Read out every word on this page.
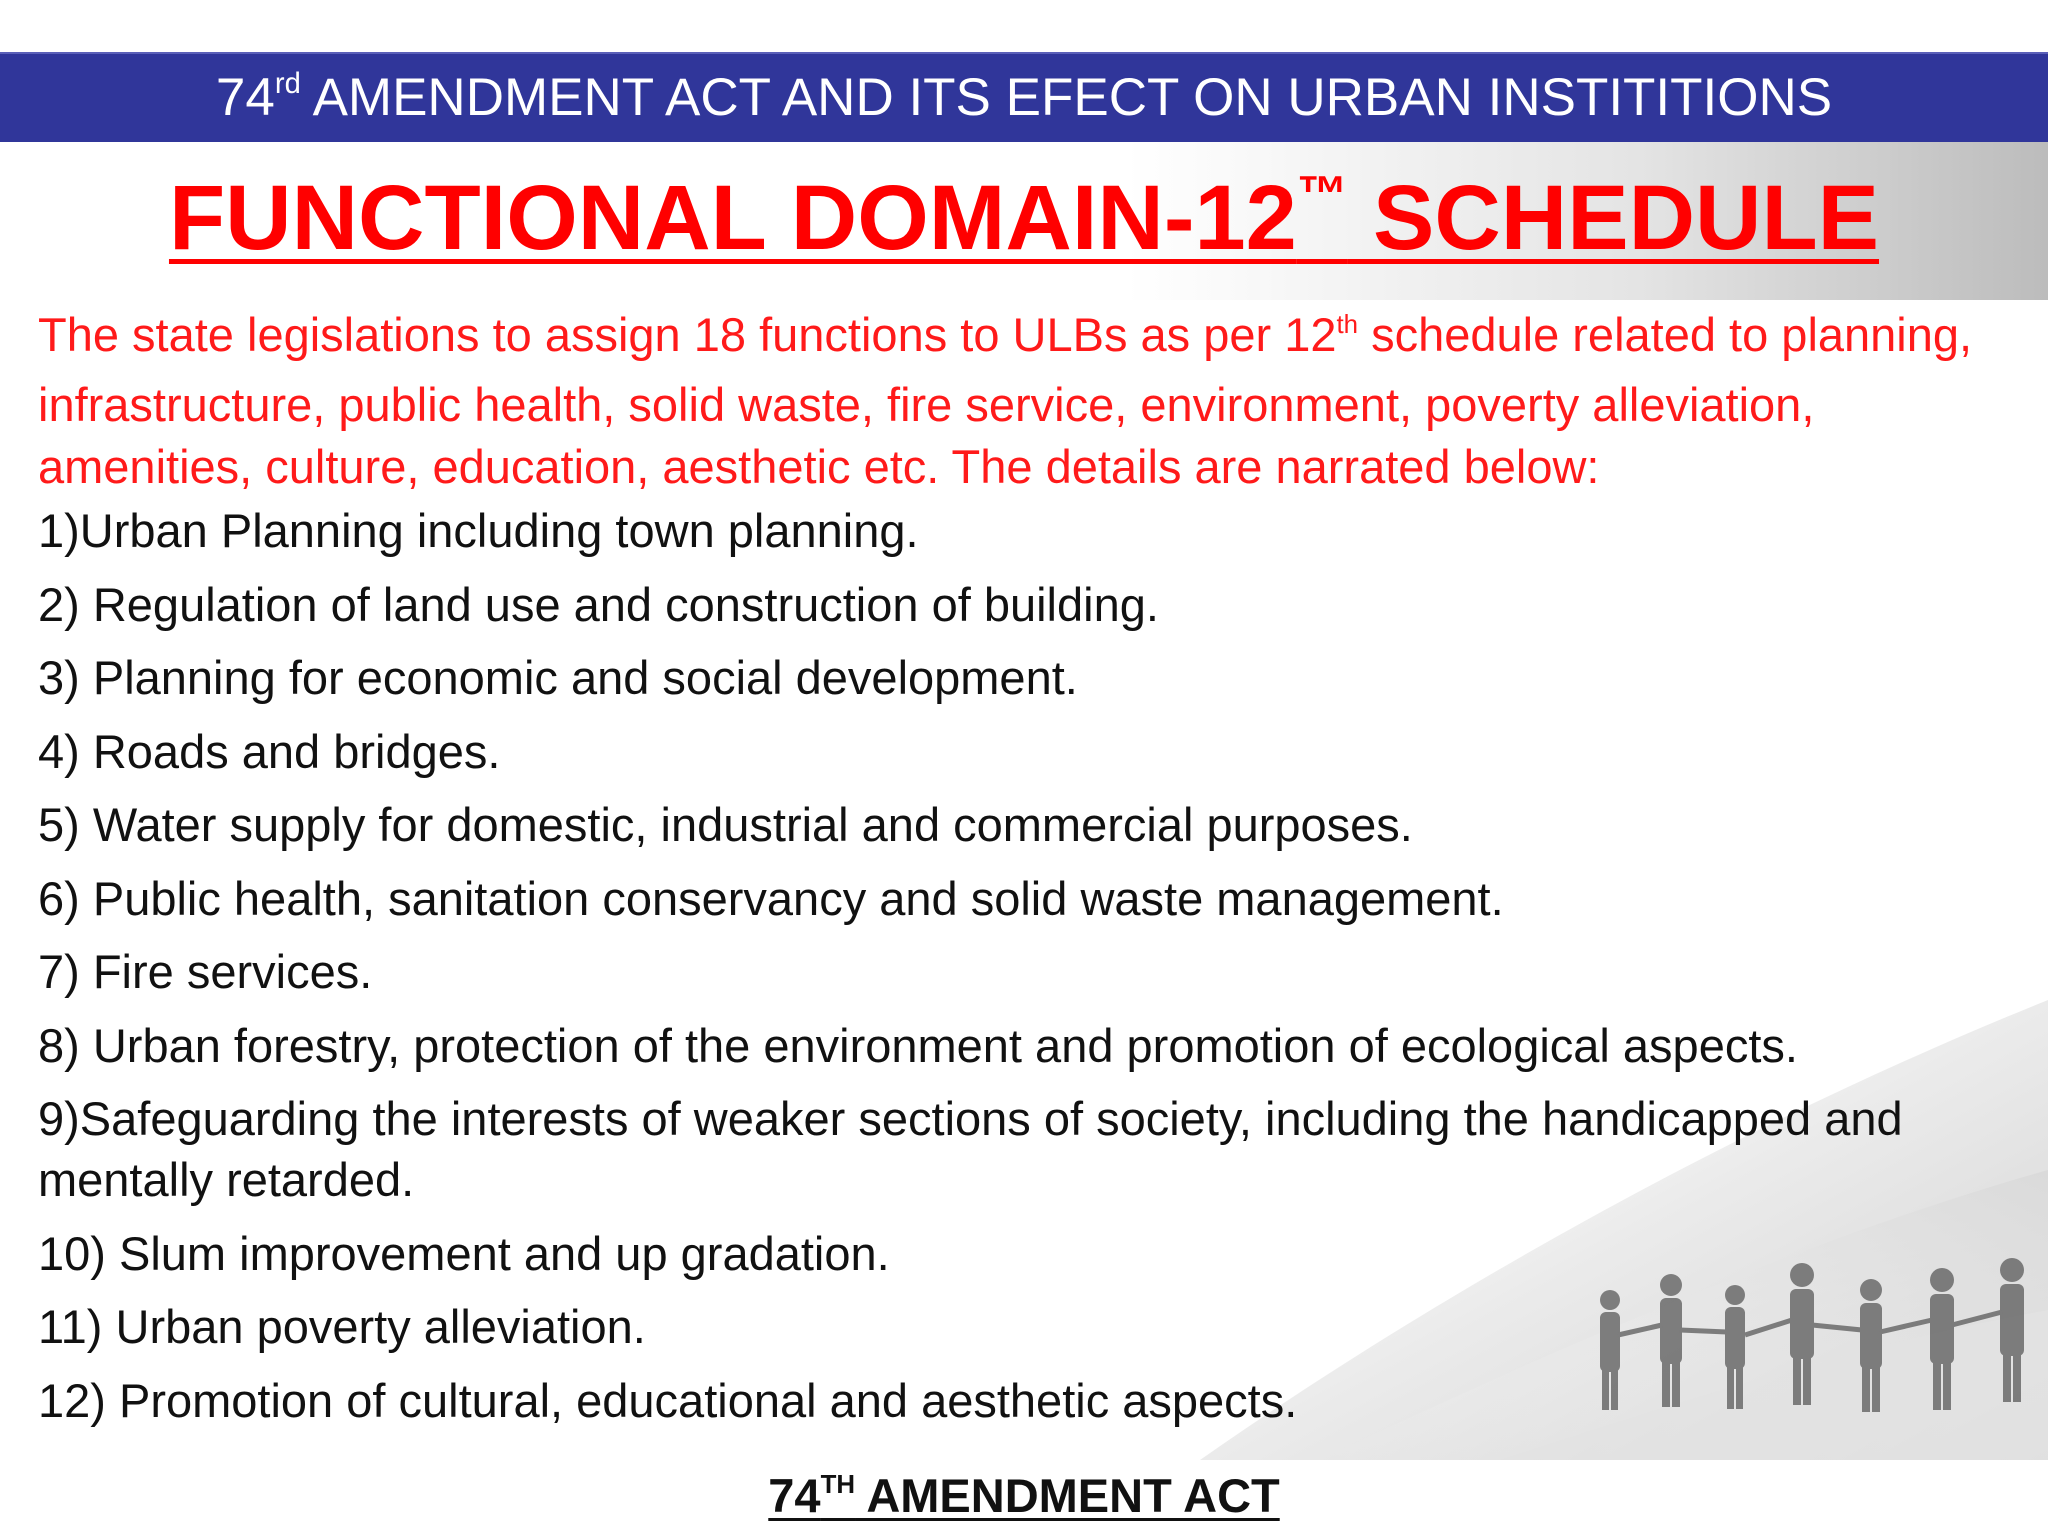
74rd AMENDMENT ACT AND ITS EFECT ON URBAN INSTITITIONS
FUNCTIONAL DOMAIN-12™ SCHEDULE
The state legislations to assign 18 functions to ULBs as per 12th schedule related to planning, infrastructure, public health, solid waste, fire service, environment, poverty alleviation, amenities, culture, education, aesthetic etc. The details are narrated below:
1)Urban Planning including town planning.
2) Regulation of land use and construction of building.
3) Planning for economic and social development.
4) Roads and bridges.
5) Water supply for domestic, industrial and commercial purposes.
6) Public health, sanitation conservancy and solid waste management.
7) Fire services.
8) Urban forestry, protection of the environment and promotion of ecological aspects.
9)Safeguarding the interests of weaker sections of society, including the handicapped and mentally retarded.
10) Slum improvement and up gradation.
11) Urban poverty alleviation.
12) Promotion of cultural, educational and aesthetic aspects.
74TH AMENDMENT ACT
